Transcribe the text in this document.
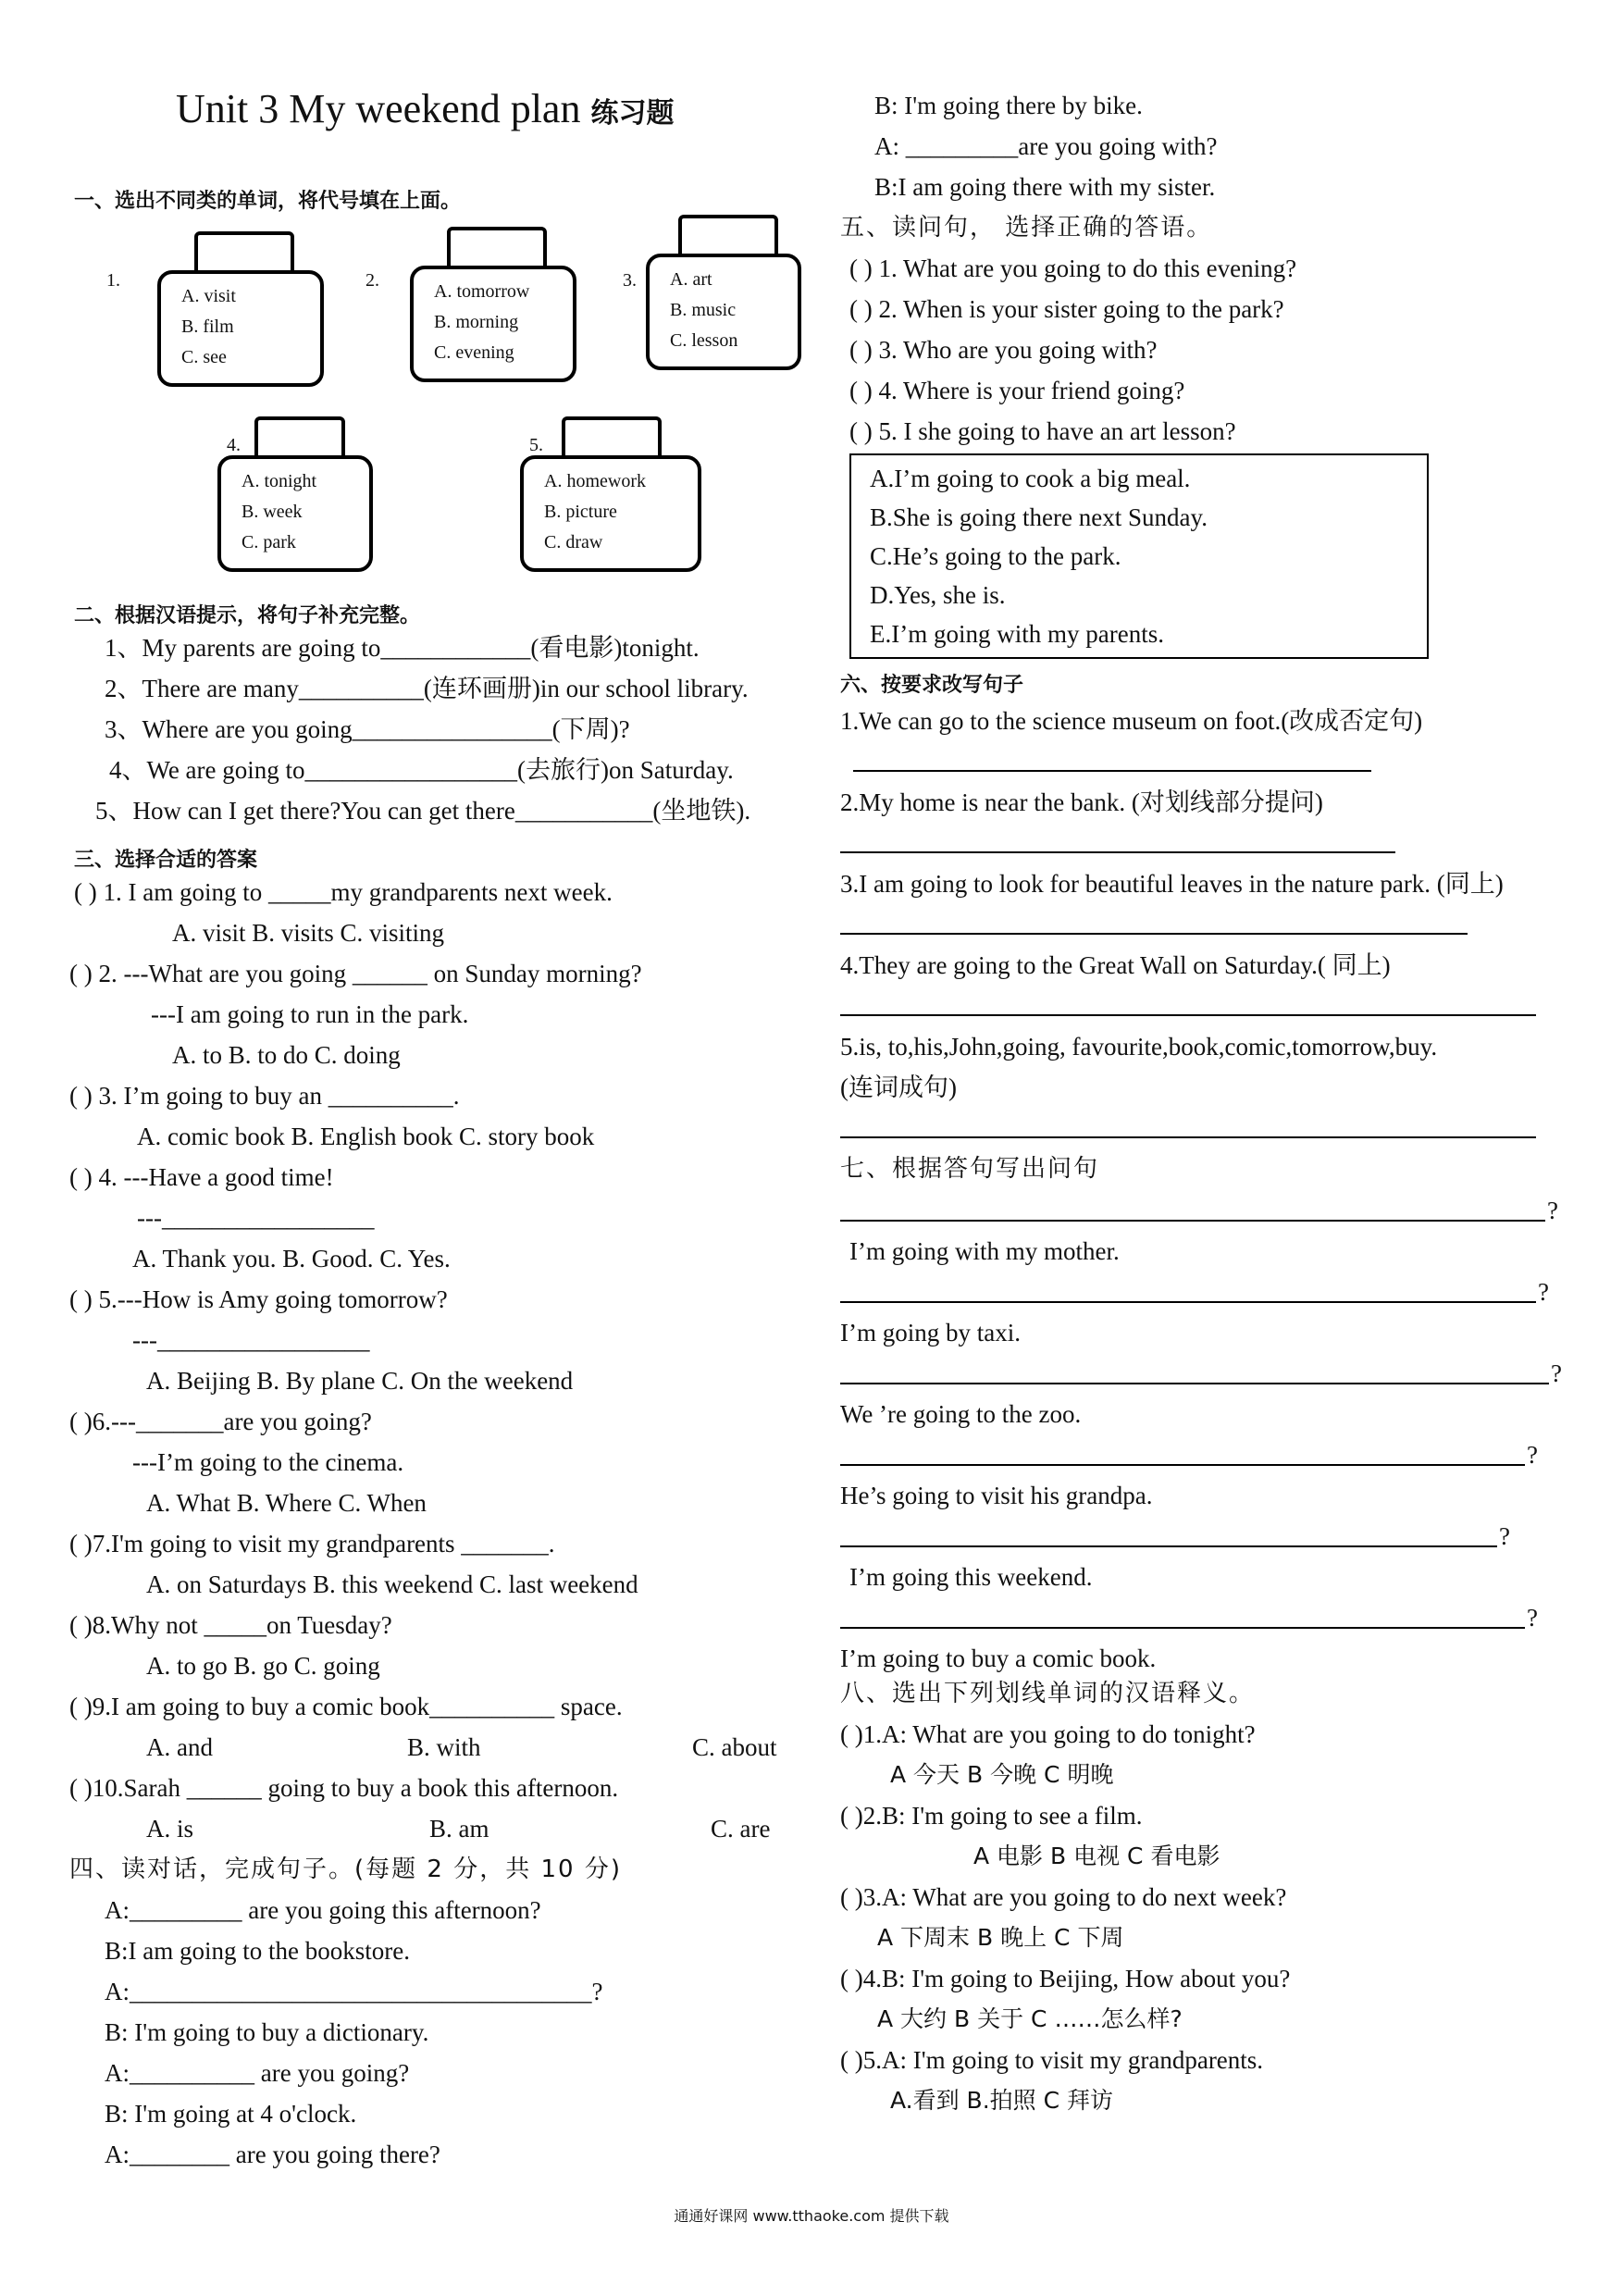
Unit 3 My weekend plan 练习题
一、选出不同类的单词，将代号填在上面。
1.
A. visit
B. film
C. see
2.
A. tomorrow
B. morning
C. evening
3. A. art
B. music
C. lesson
4.
A. tonight
B. week
C. park
5.
A. homework
B. picture
C. draw
二、根据汉语提示，将句子补充完整。
1、My parents are going to____________(看电影)tonight.
2、There are many__________(连环画册)in our school library.
3、Where are you going________________(下周)?
4、We are going to_________________(去旅行)on Saturday.
5、How can I get there?You can get there___________(坐地铁).
三、选择合适的答案
( ) 1. I am going to _____my grandparents next week.
A. visit B. visits C. visiting
( ) 2. ---What are you going ______ on Sunday morning?
---I am going to run in the park.
A. to B. to do C. doing
( ) 3. I’m going to buy an __________.
A. comic book B. English book C. story book
( ) 4. ---Have a good time!
---_________________
A. Thank you. B. Good. C. Yes.
( ) 5.---How is Amy going tomorrow?
---_________________
A. Beijing B. By plane C. On the weekend
( )6.---_______are you going?
---I’m going to the cinema.
A. What B. Where C. When
( )7.I'm going to visit my grandparents _______.
A. on Saturdays B. this weekend C. last weekend
( )8.Why not _____on Tuesday?
A. to go B. go C. going
( )9.I am going to buy a comic book__________ space.
A. and	B. with	C. about
( )10.Sarah ______ going to buy a book this afternoon.
A. is	B. am	C. are
四、读对话，完成句子。(每题 2 分，共 10 分)
A:_________ are you going this afternoon?
B:I am going to the bookstore.
A:_____________________________________?
B: I'm going to buy a dictionary.
A:__________ are you going?
B: I'm going at 4 o'clock.
A:________ are you going there?
B: I'm going there by bike.
A: _________are you going with?
B:I am going there with my sister.
五、读问句， 选择正确的答语。
( ) 1. What are you going to do this evening?
( ) 2. When is your sister going to the park?
( ) 3. Who are you going with?
( ) 4. Where is your friend going?
( ) 5. I she going to have an art lesson?
A.I’m going to cook a big meal.
B.She is going there next Sunday.
C.He’s going to the park.
D.Yes, she is.
E.I’m going with my parents.
六、按要求改写句子
1.We can go to the science museum on foot.(改成否定句)
2.My home is near the bank. (对划线部分提问)
3.I am going to look for beautiful leaves in the nature park. (同上)
4.They are going to the Great Wall on Saturday.( 同上)
5.is, to,his,John,going, favourite,book,comic,tomorrow,buy.
(连词成句)
七、根据答句写出问句
?
I’m going with my mother.
?
I’m going by taxi.
?
We ’re going to the zoo.
?
He’s going to visit his grandpa.
?
I’m going this weekend.
?
I’m going to buy a comic book.
八、选出下列划线单词的汉语释义。
( )1.A: What are you going to do tonight?
A 今天 B 今晚 C 明晚
( )2.B: I'm going to see a film.
A 电影 B 电视 C 看电影
( )3.A: What are you going to do next week?
A 下周末 B 晚上 C 下周
( )4.B: I'm going to Beijing, How about you?
A 大约 B 关于 C ……怎么样?
( )5.A: I'm going to visit my grandparents.
A.看到 B.拍照 C 拜访
通通好课网 www.tthaoke.com 提供下载
